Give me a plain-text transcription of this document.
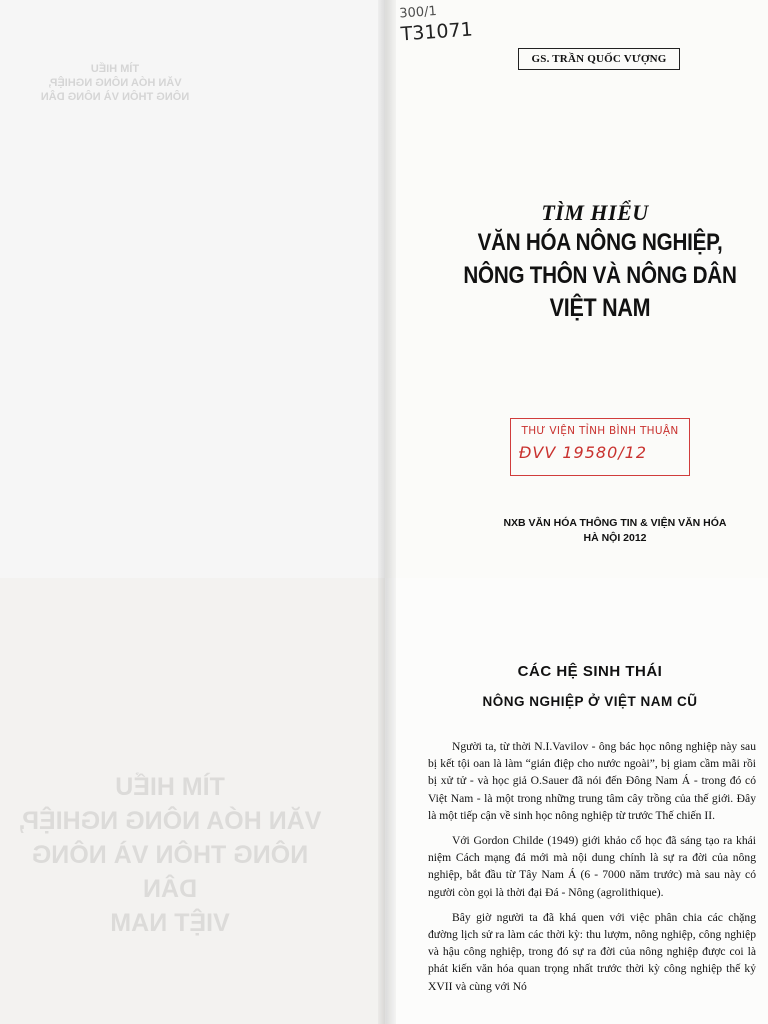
TÌM HIỂU
VĂN HÓA NÔNG NGHIỆP,
NÔNG THÔN VÀ NÔNG DÂN
300/1
T31071
GS. TRẦN QUỐC VƯỢNG
TÌM HIỂU
VĂN HÓA NÔNG NGHIỆP,
NÔNG THÔN VÀ NÔNG DÂN
VIỆT NAM
THƯ VIỆN TỈNH BÌNH THUẬN
ĐVV 19580/12
NXB VĂN HÓA THÔNG TIN & VIỆN VĂN HÓA
HÀ NỘI 2012
TÌM HIỂU
VĂN HÓA NÔNG NGHIỆP,
NÔNG THÔN VÀ NÔNG DÂN
VIỆT NAM
CÁC HỆ SINH THÁI
NÔNG NGHIỆP Ở VIỆT NAM CŨ

Người ta, từ thời N.I.Vavilov - ông bác học nông nghiệp này sau bị kết tội oan là làm “gián điệp cho nước ngoài”, bị giam cầm mãi rồi bị xử tử - và học giả O.Sauer đã nói đến Đông Nam Á - trong đó có Việt Nam - là một trong những trung tâm cây trồng của thế giới. Đây là một tiếp cận về sinh học nông nghiệp từ trước Thế chiến II.

Với Gordon Childe (1949) giới khảo cổ học đã sáng tạo ra khái niệm Cách mạng đá mới mà nội dung chính là sự ra đời của nông nghiệp, bắt đầu từ Tây Nam Á (6 - 7000 năm trước) mà sau này có người còn gọi là thời đại Đá - Nông (agrolithique).

Bây giờ người ta đã khá quen với việc phân chia các chặng đường lịch sử ra làm các thời kỳ: thu lượm, nông nghiệp, công nghiệp và hậu công nghiệp, trong đó sự ra đời của nông nghiệp được coi là phát kiến văn hóa quan trọng nhất trước thời kỳ công nghiệp thế kỷ XVII và cùng với Nó
